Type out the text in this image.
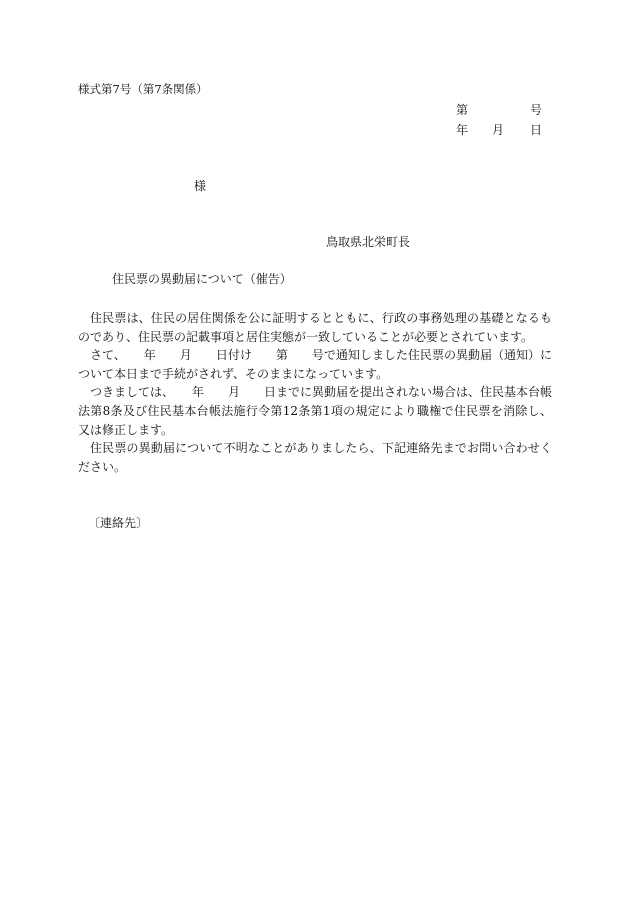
様式第7号（第7条関係）
第	号
年 月 日
様
鳥取県北栄町長
住民票の異動届について（催告）

住民票は、住民の居住関係を公に証明するとともに、行政の事務処理の基礎となるものであり、住民票の記載事項と居住実態が一致していることが必要とされています。

さて、　　年　　月　　日付け　　第　　号で通知しました住民票の異動届（通知）について本日まで手続がされず、そのままになっています。

つきましては、　　年　　月　　日までに異動届を提出されない場合は、住民基本台帳法第8条及び住民基本台帳法施行令第12条第1項の規定により職権で住民票を消除し、又は修正します。

住民票の異動届について不明なことがありましたら、下記連絡先までお問い合わせください。

〔連絡先〕
